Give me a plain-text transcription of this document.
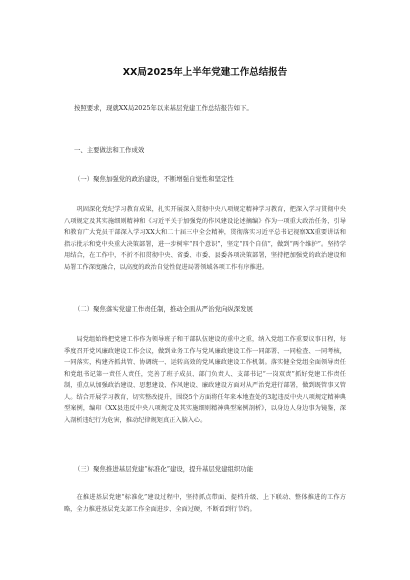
XX局2025年上半年党建工作总结报告
按照要求，现就XX局2025年以来基层党建工作总结报告如下。
一、主要做法和工作成效
（一）聚焦加强党的政治建设，不断增强自觉性和坚定性
巩固深化党纪学习教育成果，扎实开展深入贯彻中央八项规定精神学习教育，把深入学习贯彻中央八项规定及其实施细则精神和《习近平关于加强党的作风建设论述摘编》作为一项重大政治任务，引导和教育广大党员干部深入学习XX大和二十届三中全会精神，贯彻落实习近平总书记视察XX重要讲话和指示批示和党中央重大决策部署，进一步树牢“四个意识”，坚定“四个自信”，做到“两个维护”。坚持学用结合，在工作中，不折不扣贯彻中央、省委、市委、县委各项决策部署，坚持把加强党的政治建设和局署工作深度融合，以高度的政治自觉性促进局署领域各项工作有序推进。
（二）聚焦落实党建工作责任制，推动全面从严治党向纵深发展
局党组始终把党建工作作为领导班子和干部队伍建设的重中之重，纳入党组工作重要议事日程，每季度召开党风廉政建设工作会议，做到业务工作与党风廉政建设工作一同部署、一同检查、一同考核，一同落实，构建齐抓共管、协调统一、运转高效的党风廉政建设工作机制。落实健全党组全面领导责任和党组书记第一责任人责任，完善了班子成员、部门负责人、支部书记“一岗双责”抓好党建工作责任制，重点从加强政治建设、思想建设、作风建设、廉政建设方面对从严治党进行部署，做到既管事又管人。结合开展学习教育，切实整改提升，围绕5个方面将任年来本地查处的3起违反中央八项规定精神典型案例，编印《XX县违反中央八项规定及其实施细则精神典型案例剖析》，以身边人身边事为镜鉴，深入剖析违纪行为危害，推动纪律规矩真正入脑入心。
（三）聚焦推进基层党建“标准化”建设，提升基层党建组织功能
在推进基层党建“标准化”建设过程中，坚持抓点带面、提档升级、上下联动、整体推进的工作方略，全力推进基层党支部工作全面进步、全面过硬，不断看到行节约。
